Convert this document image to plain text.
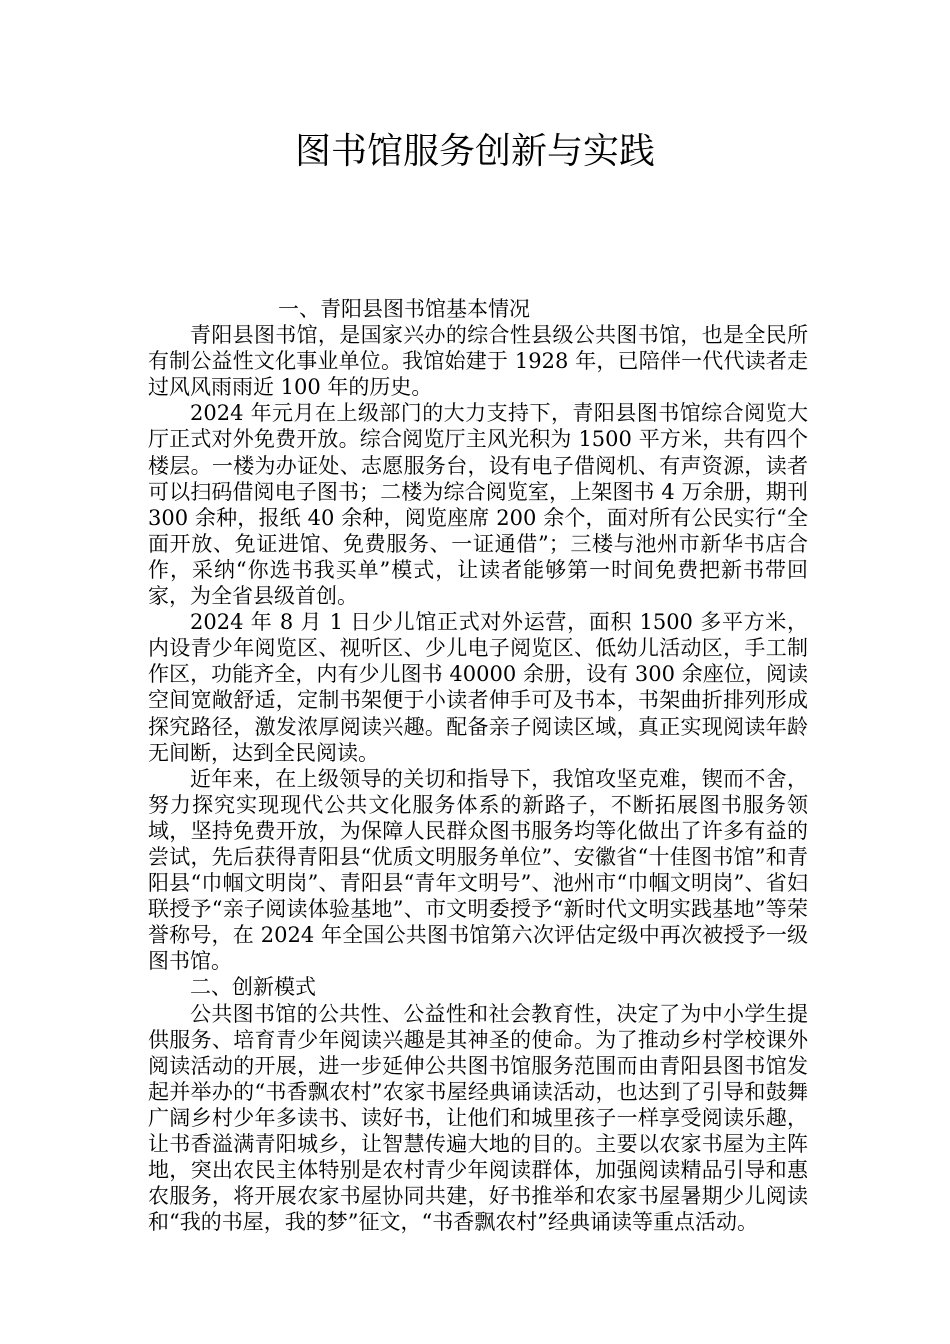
图书馆服务创新与实践
一、青阳县图书馆基本情况

青阳县图书馆，是国家兴办的综合性县级公共图书馆，也是全民所有制公益性文化事业单位。我馆始建于 1928 年，已陪伴一代代读者走过风风雨雨近 100 年的历史。

2024 年元月在上级部门的大力支持下，青阳县图书馆综合阅览大厅正式对外免费开放。综合阅览厅主风光积为 1500 平方米，共有四个楼层。一楼为办证处、志愿服务台，设有电子借阅机、有声资源，读者可以扫码借阅电子图书；二楼为综合阅览室，上架图书 4 万余册，期刊 300 余种，报纸 40 余种，阅览座席 200 余个，面对所有公民实行“全面开放、免证进馆、免费服务、一证通借”；三楼与池州市新华书店合作，采纳“你选书我买单”模式，让读者能够第一时间免费把新书带回家，为全省县级首创。

2024 年 8 月 1 日少儿馆正式对外运营，面积 1500 多平方米，内设青少年阅览区、视听区、少儿电子阅览区、低幼儿活动区，手工制作区，功能齐全，内有少儿图书 40000 余册，设有 300 余座位，阅读空间宽敞舒适，定制书架便于小读者伸手可及书本，书架曲折排列形成探究路径，激发浓厚阅读兴趣。配备亲子阅读区域，真正实现阅读年龄无间断，达到全民阅读。

近年来，在上级领导的关切和指导下，我馆攻坚克难，锲而不舍，努力探究实现现代公共文化服务体系的新路子，不断拓展图书服务领域，坚持免费开放，为保障人民群众图书服务均等化做出了许多有益的尝试，先后获得青阳县“优质文明服务单位”、安徽省“十佳图书馆”和青阳县“巾帼文明岗”、青阳县“青年文明号”、池州市“巾帼文明岗”、省妇联授予“亲子阅读体验基地”、市文明委授予“新时代文明实践基地”等荣誉称号，在 2024 年全国公共图书馆第六次评估定级中再次被授予一级图书馆。

二、创新模式

公共图书馆的公共性、公益性和社会教育性，决定了为中小学生提供服务、培育青少年阅读兴趣是其神圣的使命。为了推动乡村学校课外阅读活动的开展，进一步延伸公共图书馆服务范围而由青阳县图书馆发起并举办的“书香飘农村”农家书屋经典诵读活动，也达到了引导和鼓舞广阔乡村少年多读书、读好书，让他们和城里孩子一样享受阅读乐趣，让书香溢满青阳城乡，让智慧传遍大地的目的。主要以农家书屋为主阵地，突出农民主体特别是农村青少年阅读群体，加强阅读精品引导和惠农服务，将开展农家书屋协同共建，好书推举和农家书屋暑期少儿阅读和“我的书屋，我的梦”征文，“书香飘农村”经典诵读等重点活动。
